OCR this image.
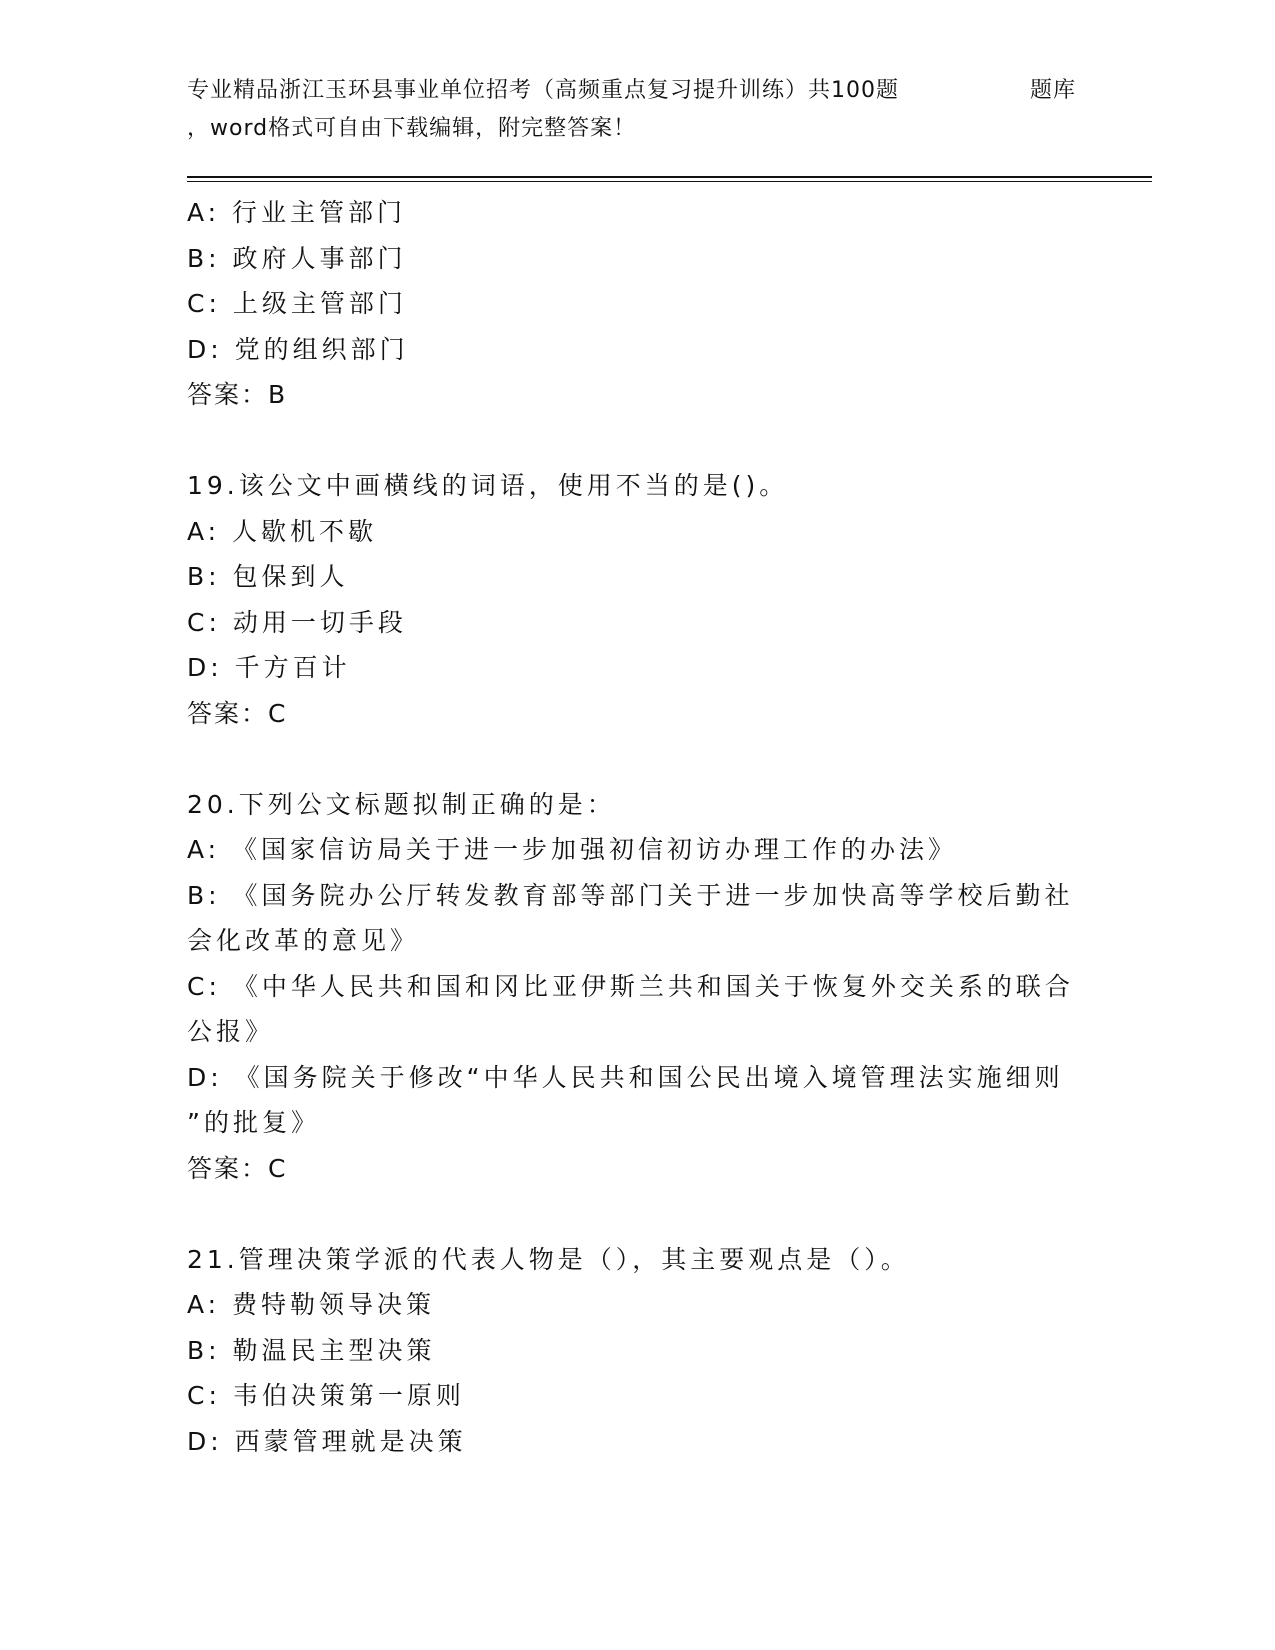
专业精品浙江玉环县事业单位招考（高频重点复习提升训练）共100题	题库
，word格式可自由下载编辑，附完整答案！
A: 行业主管部门
B: 政府人事部门
C: 上级主管部门
D: 党的组织部门
答案：B
19.该公文中画横线的词语，使用不当的是()。
A: 人歇机不歇
B: 包保到人
C: 动用一切手段
D: 千方百计
答案：C
20.下列公文标题拟制正确的是：
A: 《国家信访局关于进一步加强初信初访办理工作的办法》
B: 《国务院办公厅转发教育部等部门关于进一步加快高等学校后勤社
会化改革的意见》
C: 《中华人民共和国和冈比亚伊斯兰共和国关于恢复外交关系的联合
公报》
D: 《国务院关于修改“中华人民共和国公民出境入境管理法实施细则
”的批复》
答案：C
21.管理决策学派的代表人物是（），其主要观点是（）。
A: 费特勒领导决策
B: 勒温民主型决策
C: 韦伯决策第一原则
D: 西蒙管理就是决策
